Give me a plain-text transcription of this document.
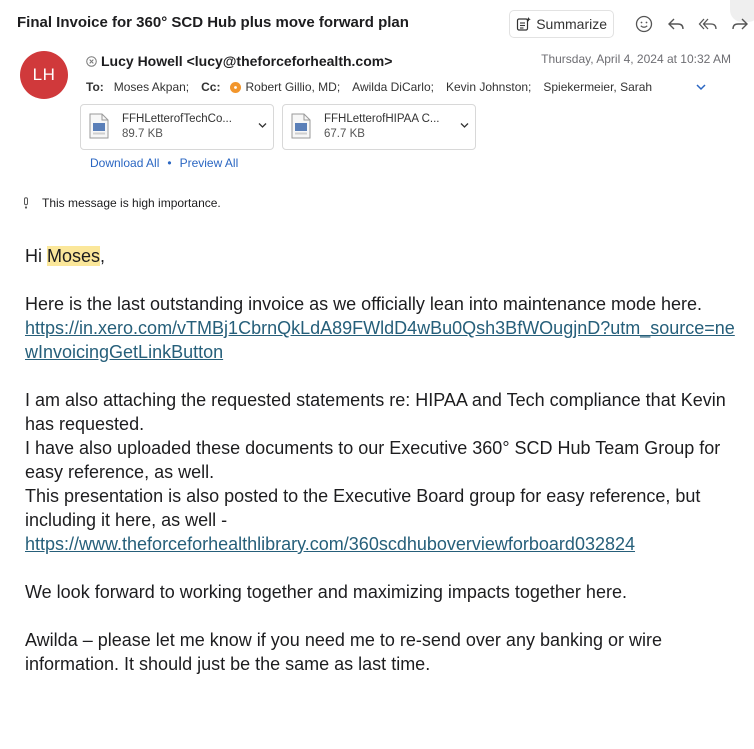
Final Invoice for 360° SCD Hub plus move forward plan	Summarize
LH
Lucy Howell <lucy@theforceforhealth.com>	Thursday, April 4, 2024 at 10:32 AM
To: Moses Akpan; Cc: Robert Gillio, MD; Awilda DiCarlo; Kevin Johnston; Spiekermeier, Sarah
FFHLetterofTechCo...
89.7 KB
FFHLetterofHIPAA C...
67.7 KB
Download All • Preview All
This message is high importance.

Hi Moses,

Here is the last outstanding invoice as we officially lean into maintenance mode here.

https://in.xero.com/vTMBj1CbrnQkLdA89FWldD4wBu0Qsh3BfWOugjnD?utm_source=newInvoicingGetLinkButton

I am also attaching the requested statements re: HIPAA and Tech compliance that Kevin has requested.

I have also uploaded these documents to our Executive 360° SCD Hub Team Group for easy reference, as well.

This presentation is also posted to the Executive Board group for easy reference, but including it here, as well -

https://www.theforceforhealthlibrary.com/360scdhuboverviewforboard032824

We look forward to working together and maximizing impacts together here.

Awilda – please let me know if you need me to re-send over any banking or wire information. It should just be the same as last time.
